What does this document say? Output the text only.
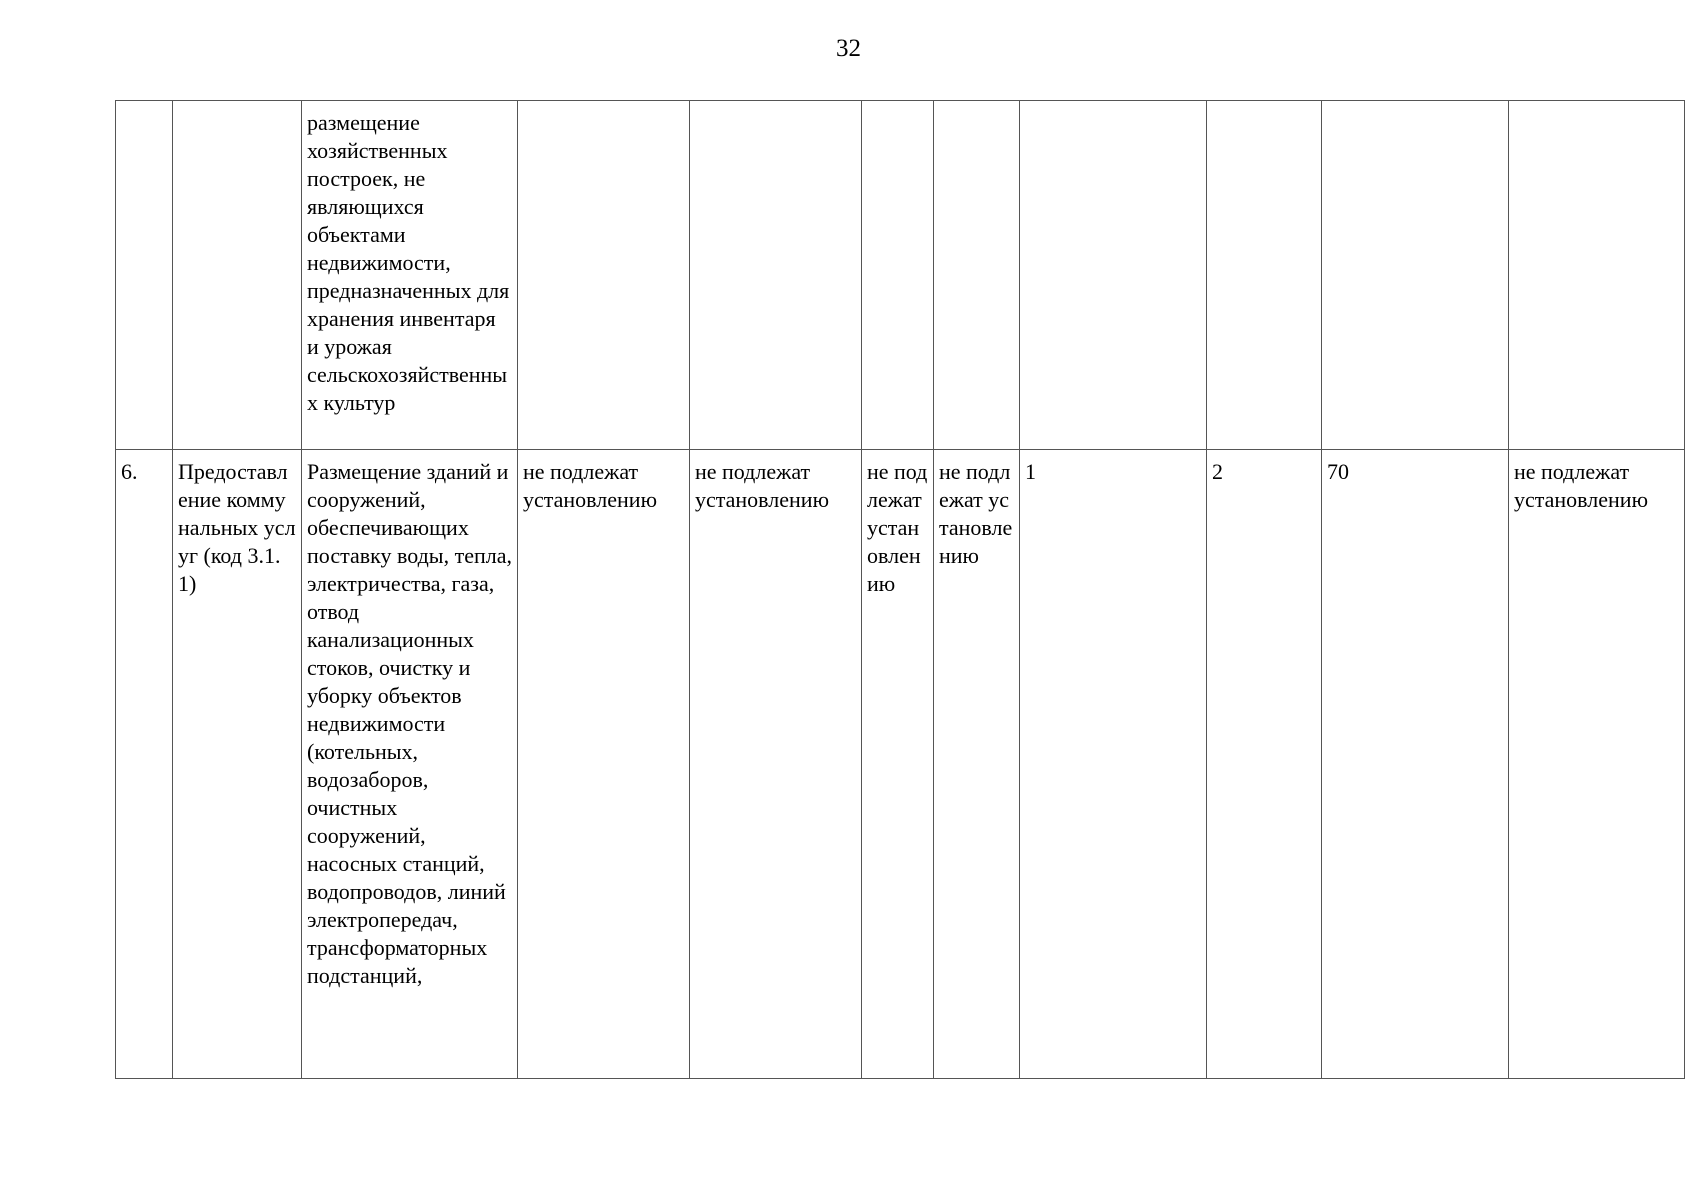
32
		размещение хозяйственных построек, не являющихся объектами недвижимости, предназначенных для хранения инвентаря и урожая сельскохозяйственных культур								
6.	Предоставление коммунальных услуг (код 3.1.1)	Размещение зданий и сооружений, обеспечивающих поставку воды, тепла, электричества, газа, отвод канализационных стоков, очистку и уборку объектов недвижимости (котельных, водозаборов, очистных сооружений, насосных станций, водопроводов, линий электропередач, трансформаторных подстанций,	не подлежат установлению	не подлежат установлению	не подлежат установлению	не подлежат установлению	1	2	70	не подлежат установлению
